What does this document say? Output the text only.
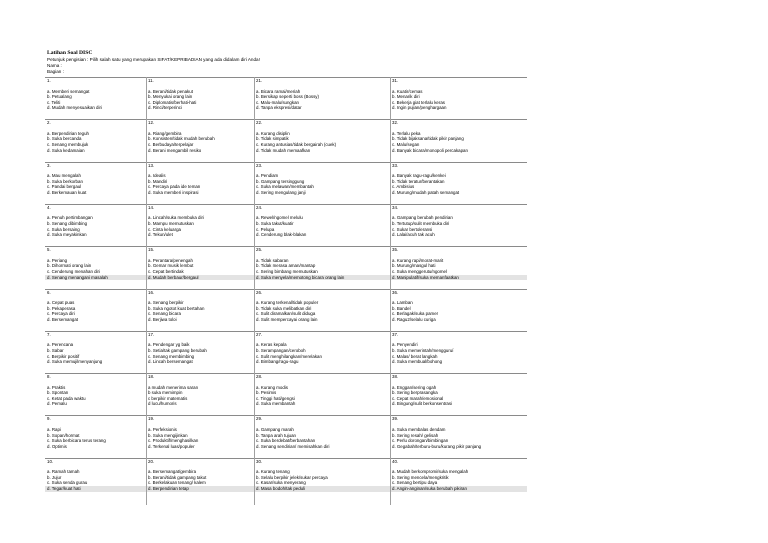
Latihan Soal DISC
Petunjuk pengisian : Pilih salah satu yang merupakan SIFAT/KEPRIBADIAN yang ada didalam diri Anda!
Nama :
Bagian :
1.
a. Memberi semangat
b. Petualang
c. Teliti
d. Mudah menyesuaikan diri
2.
a. Berpendirian teguh
b. Suka bercanda
c. Senang membujuk
d. Suka kedamaian
3.
a. Mau mengalah
b. Suka berkorban
c. Pandai bergaul
d. Berkemauan kuat
4.
a. Penuh pertimbangan
b. Senang dibimbing
c. Suka bersaing
d. Suka meyakinkan
5.
a. Periang
b. Dihormati orang lain
c. Cenderung menahan diri
d. Senang menangani masalah
6.
a. Cepat puas
b. Pekaperasa
c. Percaya diri
d. Bersemangat
7.
a. Perencana
b. Sabar
c. Berpikir positif
d. Suka memujilmenyanjung
8.
a. Praktis
b. Spontan
c. Ketat pada waktu
d. Pemalu
9.
a. Rapi
b. Sopan/hormat
c. Suka berbicara terus terang
d. Optimis
10.
a. Ramah tamah
b. Jujur
c. Suka senda gurau
d. Tegar/kuat hati
11.
a. Berani/tidak penakut
b. Menyukai orang lain
c. Diplomatis/berhati-hati
d. Rinci/terperinci
12.
a. Riang/gembira
b. Konsisten/tidak mudah berubah
c. Berbudaya/terpelajar
d. Berani mengambil resiko
13.
a. Idealis
b. Mandiri
c. Percaya pada ide teman
d. Suka memberi inspirasi
14.
a. Lincah/suka membuka diri
b. Mampu memutuskan
c. Cinta keluarga
d. Tekun/ulet
15.
a. Perantara/penengah
b. Gemar musik lembut
c. Cepat bertindak
d. Mudah berbaur/bergaul
16.
a. Senang berpikir
b. Suka ngotot kuat bertahan
c. Senang bicara
d. Berjiwa toloi
17.
a. Pendengar yg baik
b. Setia/tak gampang berubah
c. Senang membimbing
d. Lincah bersemangat
18.
a mudah menerima saran
b suka memimpin
c berpikir matematis
d lucu/humoris
19.
a. Perfeksionis
b. Suka mengijinkan
c. Produktif/menghasilkan
d. Terkenal luas/populer
20.
a. Bersemangat/gembira
b. Berani/tidak gampang takut
c. Berkelakuan tenang/ kalem
d. Berpendirian tetap
21.
a. Bicara ramai/meriah
b. Bersikap seperti boss (Bossy)
c. Malu-malu/sungkan
d. Tanpa ekspresi/datar
22.
a. Kurang disiplin
b. Tidak simpatik
c. Kurang antusias/tidak bergairah (cuek)
d. Tidak mudah memaafkan
23.
a. Pendiam
b. Gampang tersinggung
c. Suka melawan/membantah
d. Sering mengulang janji
24.
a. Rewel/ngomel melulu
b. Suka takut/kuatir
c. Pelupa
d. Cenderung blak-blakan
25.
a. Tidak sabaran
b. Tidak merasa aman/mantap
c. Sering bimbang memutuskan
d. Suka menyela/memotong bicara orang lain
26.
a. Kurang terkenal/tidak populer
b. Tidak suka melibatkan diri
c. Sulit diramalkan/sulit diduga
d. Sulit mempercayai orang lain
27.
a. Keras kepala
b. Serampangan/ceroboh
c. Sulit menghilangkan/merelakan
d. Bimbang/ragu-ragu
28.
a. Kurang modis
b. Pesimis
c. Tinggi hati/gengsi
d. Suka membantah
29.
a. Gampang marah
b. Tanpa arah tujuan
c. Suka berdebat/berbantahan
d. Senang sendirian/ memisahkan diri
30.
a. Kurang tenang
b. Selalu berpikir jelek/sukar percaya
c. Kasar/suka menyerang
d. Masa bodoh/tak peduli
31.
a. Kuatir/cemas
b. Menarik diri
c. Bekerja giat terlalu keras
d. Ingin pujian/penghargaan
32.
a. Terlalu peka
b. Tidak bijaksana/tidak pikir panjang
c. Malu/segan
d. Banyak bicara/monopoli percakapan
33.
a. Banyak ragu-ragu/kenkei
b. Tidak teratur/berantakan
c. Ambisius
d. Murung/mudah patah semangat
34.
a. Gampang berubah pendirian
b. Tertutup/sulit membuka diri
c. Sukar bertoleransi
d. Lalai/acuh tak acuh
35.
a. Kurang rapi/morat-marit
b. Murung/masgul hati
c. Suka menggerutu/ngomel
d. Manipulatif/suka memanfaatkan
36.
a. Lamban
b. Bandel
c. Berlagak/suka pamer
d. Ragu2/selalu curiga
37.
a. Penyendiri
b. Suka memerintah/mengguruí
c. Malas/ berat langkah
d. Suka membual/bohong
38.
a. Enggan/sering ogah
b. Sering berprasangka
c. Cepat marah/emosional
d. Bingung/sulit berkonsentrasi
39.
a. Suka membalas dendam
b. Sering resah/ gelisah
c. Perlu dorongan/bimbingan
d. Gegabah/terburu-buru/kurang pikir panjang
40.
a. Mudah berkompromi/suka mengalah
b. Sering mencela/mengkritik
c. Senang bertipu daya
d. Angin-anginan/suka berubah pikiran
